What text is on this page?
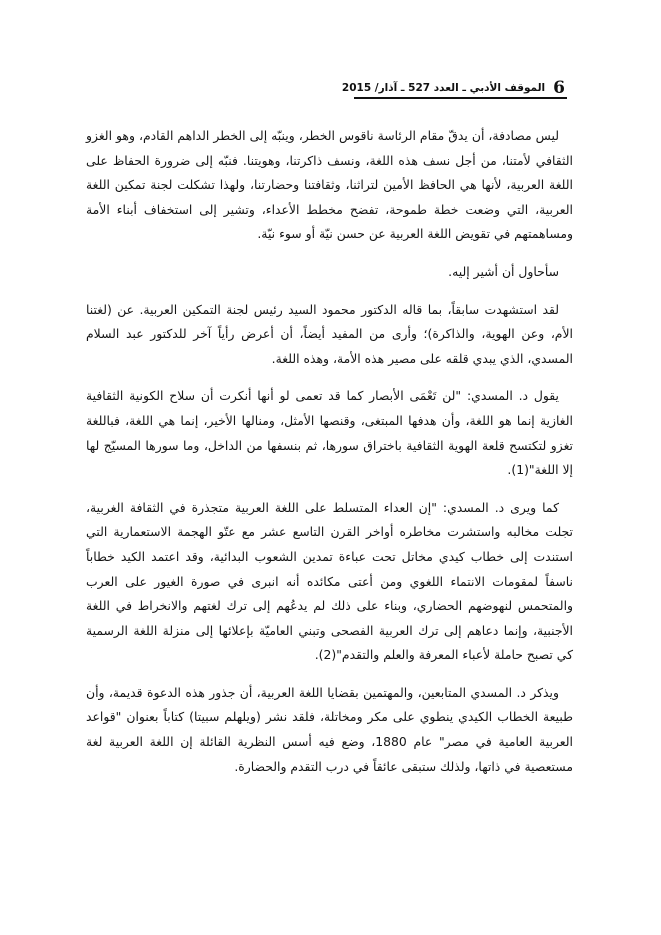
6
الموقف الأدبي ـ العدد 527 ـ آذار/ 2015

ليس مصادفة، أن يدقّ مقام الرئاسة ناقوس الخطر، وينبّه إلى الخطر الداهم القادم، وهو الغزو الثقافي لأمتنا، من أجل نسف هذه اللغة، ونسف ذاكرتنا، وهويتنا. فنبّه إلى ضرورة الحفاظ على اللغة العربية، لأنها هي الحافظ الأمين لتراثنا، وثقافتنا وحضارتنا، ولهذا تشكلت لجنة تمكين اللغة العربية، التي وضعت خطة طموحة، تفضح مخطط الأعداء، وتشير إلى استخفاف أبناء الأمة ومساهمتهم في تقويض اللغة العربية عن حسن نيّة أو سوء نيّة.

سأحاول أن أشير إليه.

لقد استشهدت سابقاً، بما قاله الدكتور محمود السيد رئيس لجنة التمكين العربية. عن (لغتنا الأم، وعن الهوية، والذاكرة)؛ وأرى من المفيد أيضاً، أن أعرض رأياً آخر للدكتور عبد السلام المسدي، الذي يبدي قلقه على مصير هذه الأمة، وهذه اللغة.

يقول د. المسدي: "لن تَعْمَى الأبصار كما قد تعمى لو أنها أنكرت أن سلاح الكونية الثقافية الغازية إنما هو اللغة، وأن هدفها المبتغى، وقنصها الأمثل، ومنالها الأخير، إنما هي اللغة، فباللغة تغزو لتكتسح قلعة الهوية الثقافية باختراق سورها، ثم بنسفها من الداخل، وما سورها المسيّج لها إلا اللغة"(1).

كما ويرى د. المسدي: "إن العداء المتسلط على اللغة العربية متجذرة في الثقافة الغربية، تجلت مخالبه واستشرت مخاطره أواخر القرن التاسع عشر مع عتّو الهجمة الاستعمارية التي استندت إلى خطاب كيدي مخاتل تحت عباءة تمدين الشعوب البدائية، وقد اعتمد الكيد خطاباً ناسفاً لمقومات الانتماء اللغوي ومن أعتى مكائده أنه انبرى في صورة الغيور على العرب والمتحمس لنهوضهم الحضاري، وبناء على ذلك لم يدعُهم إلى ترك لغتهم والانخراط في اللغة الأجنبية، وإنما دعاهم إلى ترك العربية الفصحى وتبني العاميّة بإعلائها إلى منزلة اللغة الرسمية كي تصبح حاملة لأعباء المعرفة والعلم والتقدم"(2).

ويذكر د. المسدي المتابعين، والمهتمين بقضايا اللغة العربية، أن جذور هذه الدعوة قديمة، وأن طبيعة الخطاب الكيدي ينطوي على مكر ومخاتلة، فلقد نشر (ويلهلم سبيتا) كتاباً بعنوان "قواعد العربية العامية في مصر" عام 1880، وضع فيه أسس النظرية القائلة إن اللغة العربية لغة مستعصية في ذاتها، ولذلك ستبقى عائقاً في درب التقدم والحضارة.
